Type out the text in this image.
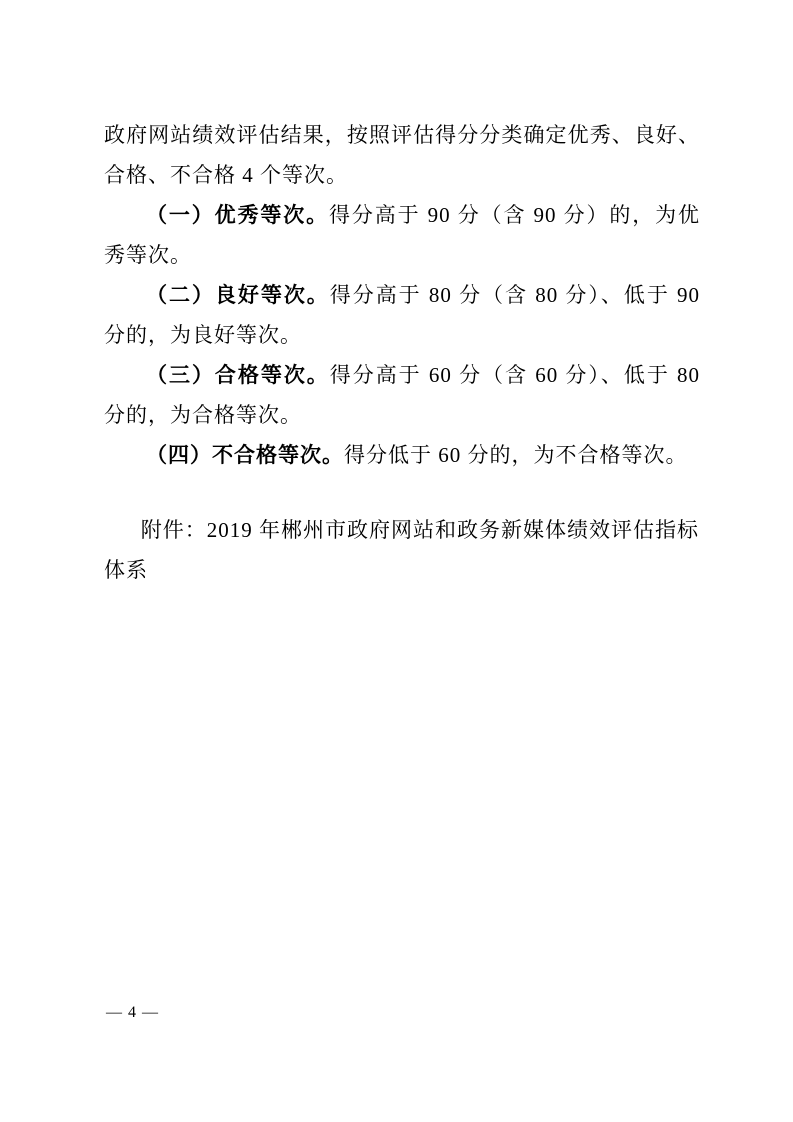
政府网站绩效评估结果，按照评估得分分类确定优秀、良好、合格、不合格 4 个等次。

（一）优秀等次。得分高于 90 分（含 90 分）的，为优秀等次。

（二）良好等次。得分高于 80 分（含 80 分）、低于 90 分的，为良好等次。

（三）合格等次。得分高于 60 分（含 60 分）、低于 80 分的，为合格等次。

（四）不合格等次。得分低于 60 分的，为不合格等次。

附件：2019 年郴州市政府网站和政务新媒体绩效评估指标体系

— 4 —
